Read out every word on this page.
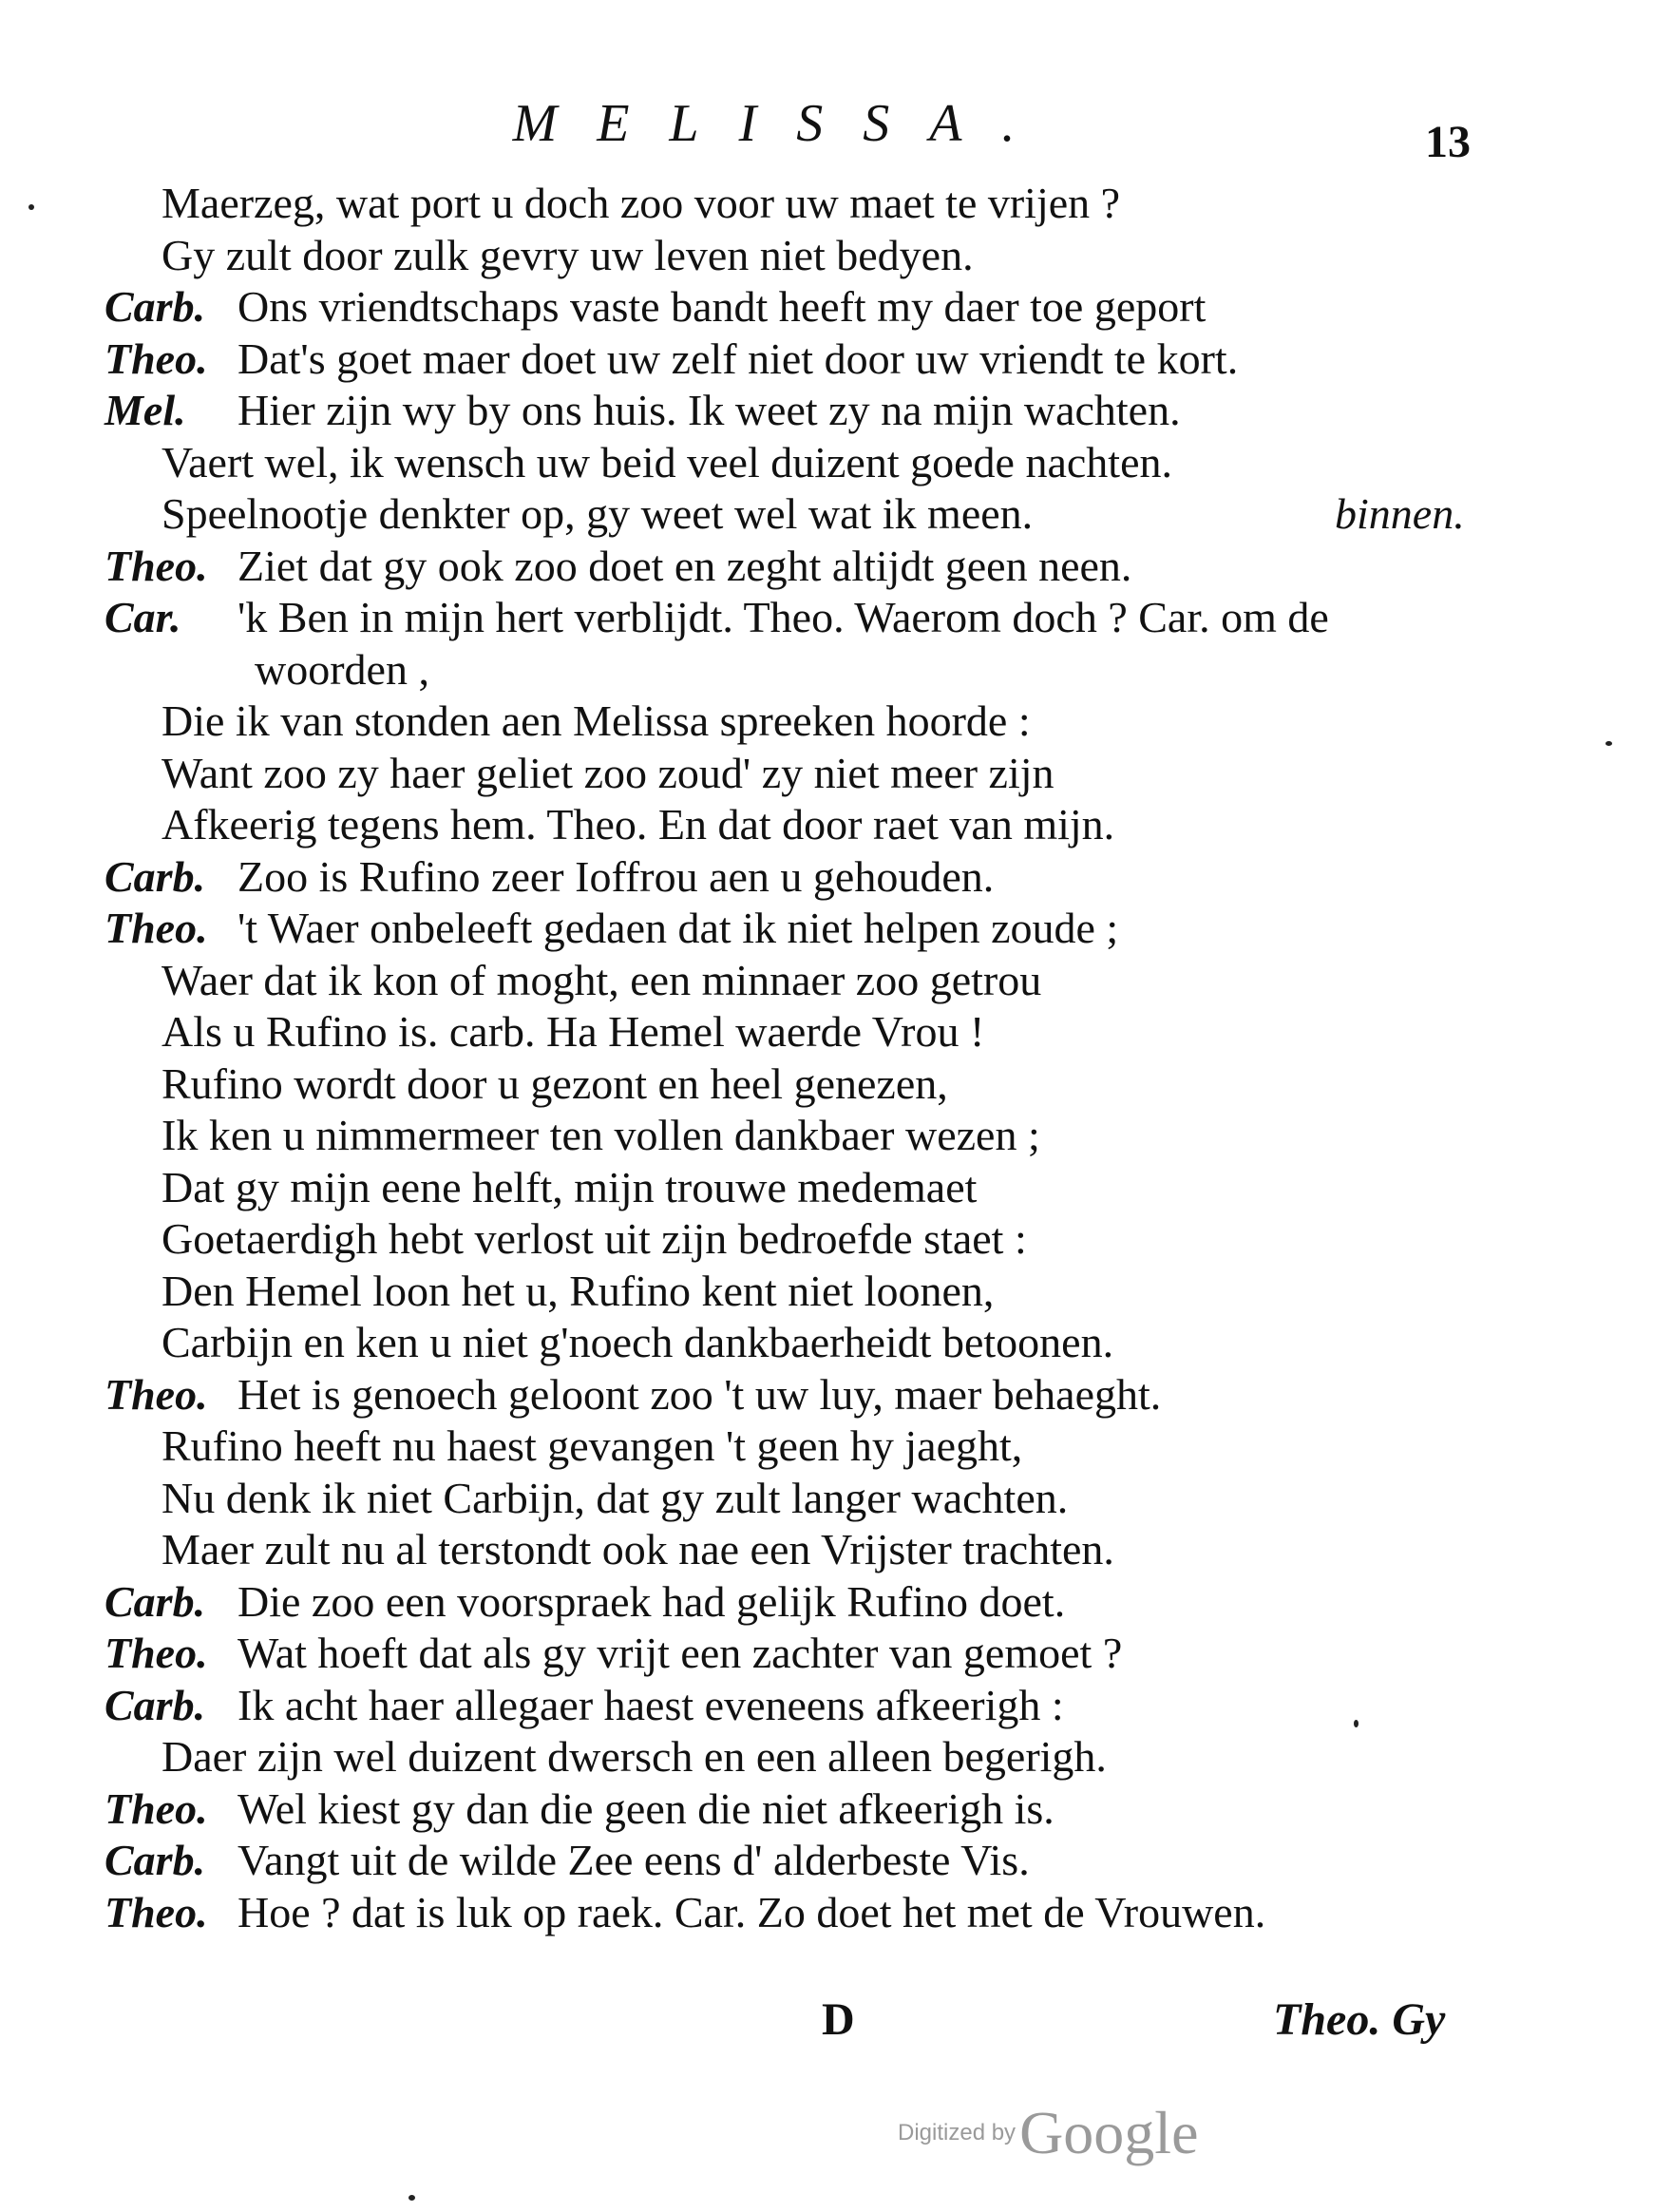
MELISSA.	13
Maerzeg, wat port u doch zoo voor uw maet te vrijen ?
Gy zult door zulk gevry uw leven niet bedyen.
Carb. Ons vriendtschaps vaste bandt heeft my daer toe geport
Theo. Dat's goet maer doet uw zelf niet door uw vriendt te kort.
Mel. Hier zijn wy by ons huis. Ik weet zy na mijn wachten.
Vaert wel, ik wensch uw beid veel duizent goede nachten.
Speelnootje denkter op, gy weet wel wat ik meen.	binnen.
Theo. Ziet dat gy ook zoo doet en zeght altijdt geen neen.
Car. 'k Ben in mijn hert verblijdt. Theo. Waerom doch ? Car. om de
woorden ,
Die ik van stonden aen Melissa spreeken hoorde :
Want zoo zy haer geliet zoo zoud' zy niet meer zijn
Afkeerig tegens hem. Theo. En dat door raet van mijn.
Carb. Zoo is Rufino zeer Ioffrou aen u gehouden.
Theo. 't Waer onbeleeft gedaen dat ik niet helpen zoude ;
Waer dat ik kon of moght, een minnaer zoo getrou
Als u Rufino is. carb. Ha Hemel waerde Vrou !
Rufino wordt door u gezont en heel genezen,
Ik ken u nimmermeer ten vollen dankbaer wezen ;
Dat gy mijn eene helft, mijn trouwe medemaet
Goetaerdigh hebt verlost uit zijn bedroefde staet :
Den Hemel loon het u, Rufino kent niet loonen,
Carbijn en ken u niet g'noech dankbaerheidt betoonen.
Theo. Het is genoech geloont zoo 't uw luy, maer behaeght.
Rufino heeft nu haest gevangen 't geen hy jaeght,
Nu denk ik niet Carbijn, dat gy zult langer wachten.
Maer zult nu al terstondt ook nae een Vrijster trachten.
Carb. Die zoo een voorspraek had gelijk Rufino doet.
Theo. Wat hoeft dat als gy vrijt een zachter van gemoet ?
Carb. Ik acht haer allegaer haest eveneens afkeerigh :
Daer zijn wel duizent dwersch en een alleen begerigh.
Theo. Wel kiest gy dan die geen die niet afkeerigh is.
Carb. Vangt uit de wilde Zee eens d' alderbeste Vis.
Theo. Hoe ? dat is luk op raek. Car. Zo doet het met de Vrouwen.
D	Theo. Gy
Digitized by Google
